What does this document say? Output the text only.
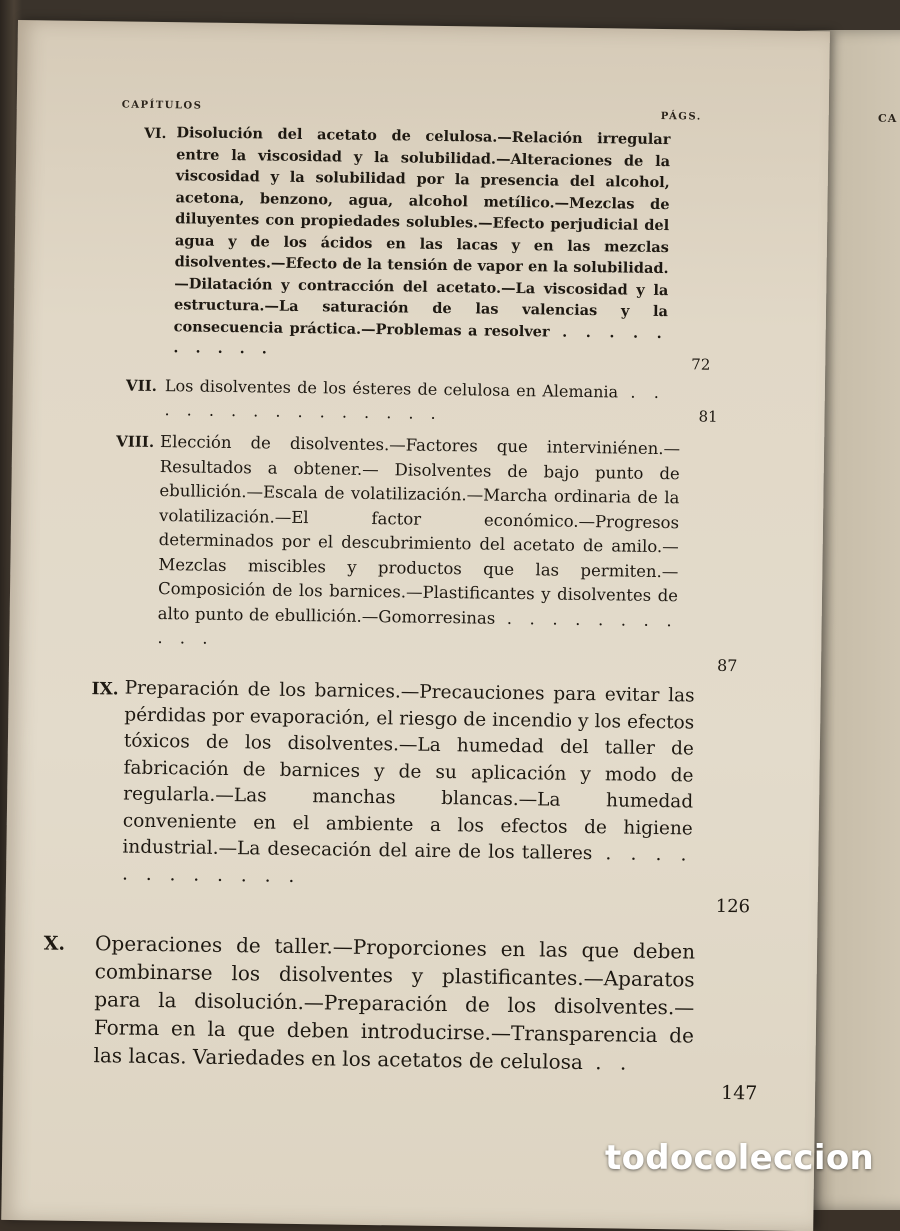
CA
CAPÍTULOS
PÁGS.
VI. Disolución del acetato de celulosa.—Relación irregular entre la viscosidad y la solubilidad.—Alteraciones de la viscosidad y la solubilidad por la presencia del alcohol, acetona, benzono, agua, alcohol metílico.—Mezclas de diluyentes con propiedades solubles.—Efecto perjudicial del agua y de los ácidos en las lacas y en las mezclas disolventes.—Efecto de la tensión de vapor en la solubilidad.—Dilatación y contracción del acetato.—La viscosidad y la estructura.—La saturación de las valencias y la consecuencia práctica.—Problemas a resolver . . . . . . . . . .
72
VII. Los disolventes de los ésteres de celulosa en Alemania . . . . . . . . . . . . . . .	81
VIII. Elección de disolventes.—Factores que interviniénen.— Resultados a obtener.— Disolventes de bajo punto de ebullición.—Escala de volatilización.—Marcha ordinaria de la volatilización.—El factor económico.—Progresos determinados por el descubrimiento del acetato de amilo.—Mezclas miscibles y productos que las permiten.—Composición de los barnices.—Plastificantes y disolventes de alto punto de ebullición.—Gomorresinas . . . . . . . . . . .
87
IX. Preparación de los barnices.—Precauciones para evitar las pérdidas por evaporación, el riesgo de incendio y los efectos tóxicos de los disolventes.—La humedad del taller de fabricación de barnices y de su aplicación y modo de regularla.—Las manchas blancas.—La humedad conveniente en el ambiente a los efectos de higiene industrial.—La desecación del aire de los talleres . . . . . . . . . . . .
126
X. Operaciones de taller.—Proporciones en las que deben combinarse los disolventes y plastificantes.—Aparatos para la disolución.—Preparación de los disolventes.—Forma en la que deben introducirse.—Transparencia de las lacas. Variedades en los acetatos de celulosa . .
147
todocoleccion
